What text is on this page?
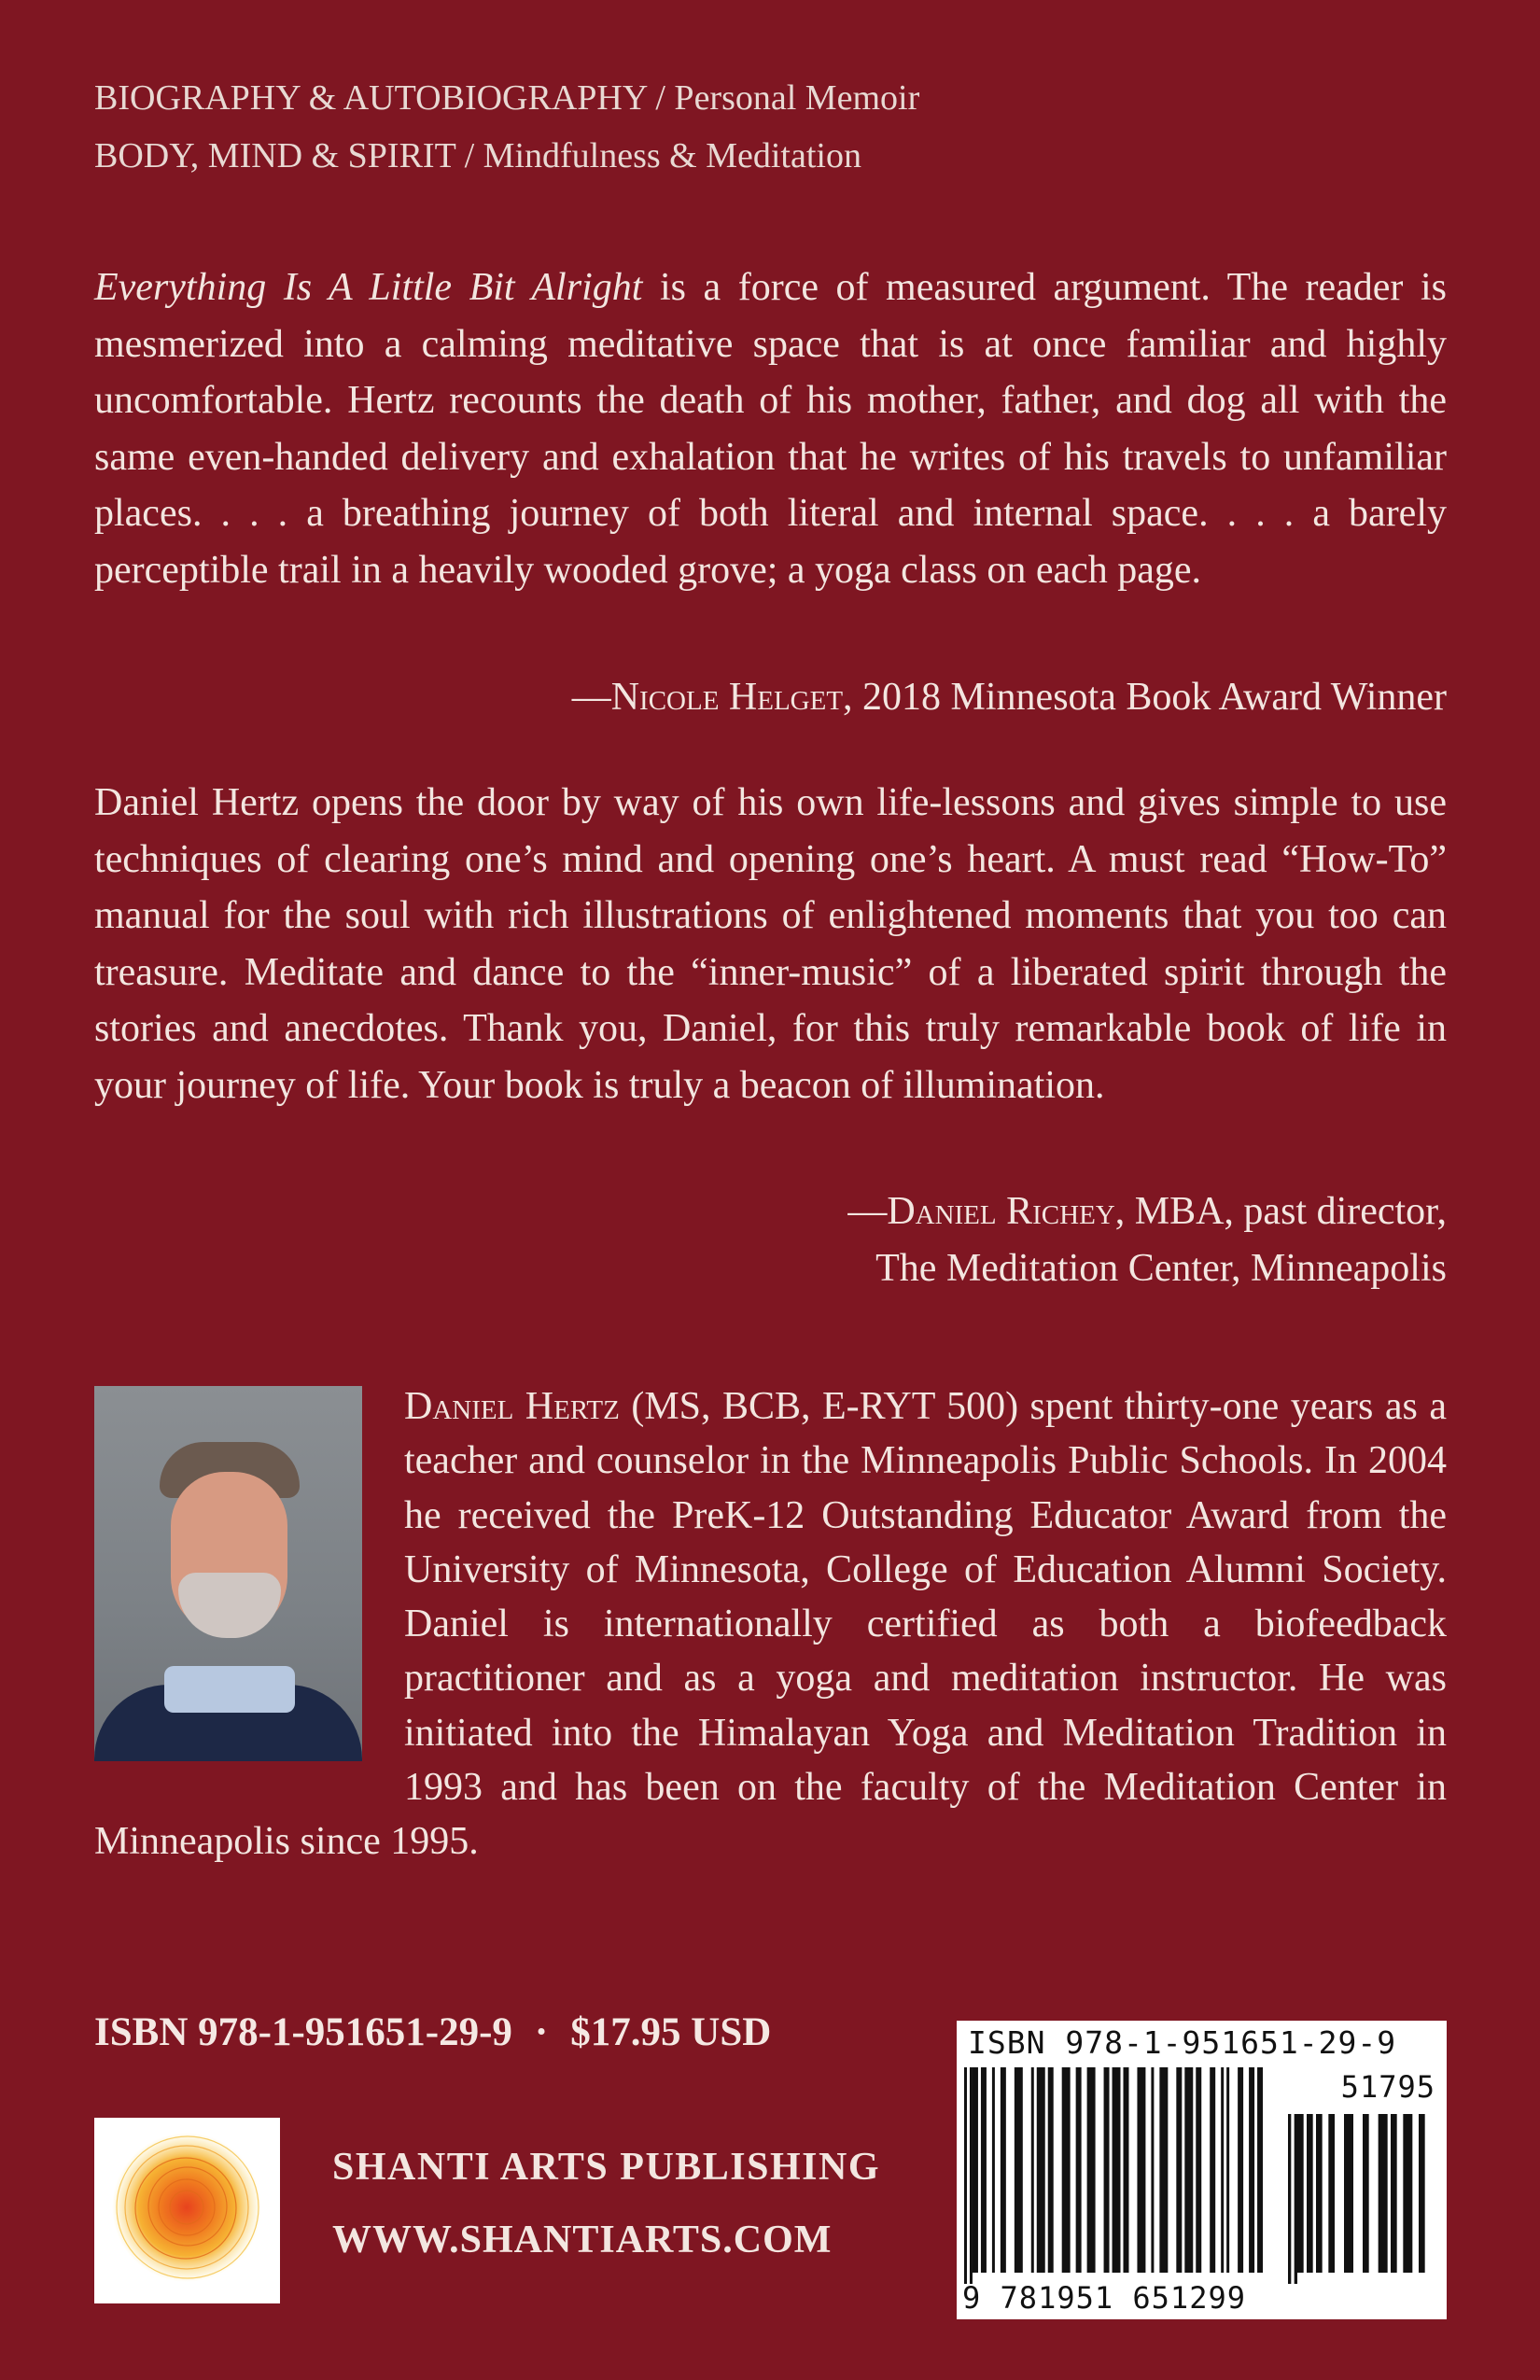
BIOGRAPHY & AUTOBIOGRAPHY / Personal Memoir
BODY, MIND & SPIRIT / Mindfulness & Meditation

Everything Is A Little Bit Alright is a force of measured argument. The reader is mesmerized into a calming meditative space that is at once familiar and highly uncomfortable. Hertz recounts the death of his mother, father, and dog all with the same even-handed delivery and exhalation that he writes of his travels to unfamiliar places. . . . a breathing journey of both literal and internal space. . . . a barely perceptible trail in a heavily wooded grove; a yoga class on each page.

—Nicole Helget, 2018 Minnesota Book Award Winner

Daniel Hertz opens the door by way of his own life-lessons and gives simple to use techniques of clearing one’s mind and opening one’s heart. A must read “How-To” manual for the soul with rich illustrations of enlightened moments that you too can treasure. Meditate and dance to the “inner-music” of a liberated spirit through the stories and anecdotes. Thank you, Daniel, for this truly remarkable book of life in your journey of life. Your book is truly a beacon of illumination.

—Daniel Richey, MBA, past director,
The Meditation Center, Minneapolis

Daniel Hertz (MS, BCB, E-RYT 500) spent thirty-one years as a teacher and counselor in the Minneapolis Public Schools. In 2004 he received the PreK-12 Outstanding Educator Award from the University of Minnesota, College of Education Alumni Society. Daniel is internationally certified as both a biofeedback practitioner and as a yoga and meditation instructor. He was initiated into the Himalayan Yoga and Meditation Tradition in 1993 and has been on the faculty of the Meditation Center in Minneapolis since 1995.

ISBN 978-1-951651-29-9 · $17.95 USD
SHANTI ARTS PUBLISHING
WWW.SHANTIARTS.COM
ISBN 978-1-951651-29-9
51795
9 781951 651299
